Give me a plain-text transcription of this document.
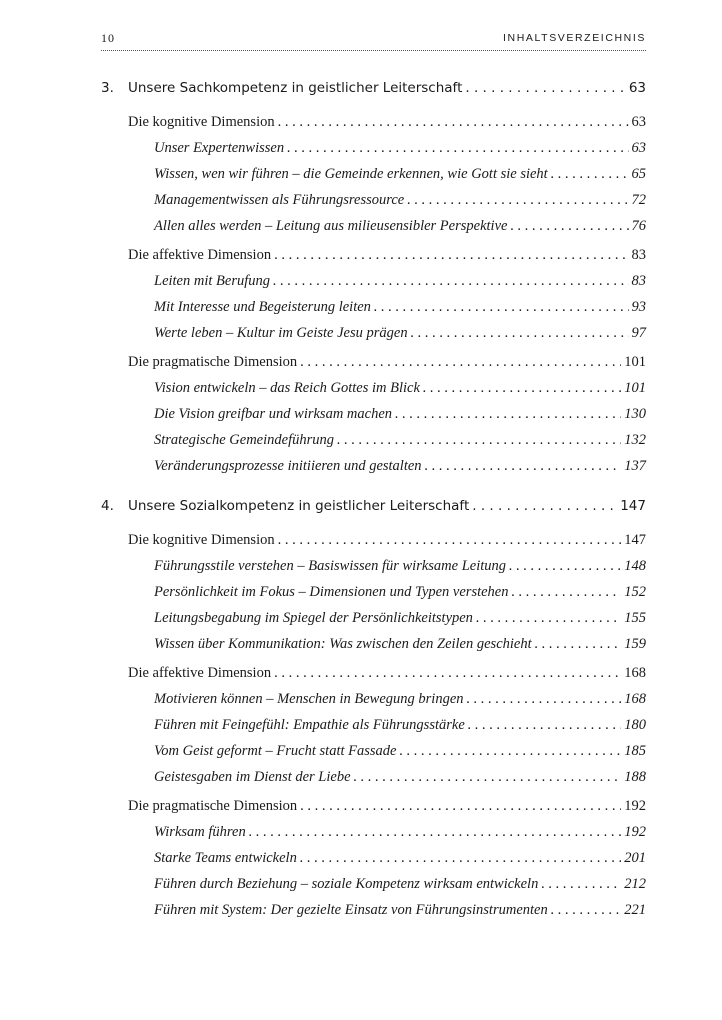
10	INHALTSVERZEICHNIS
3.	Unsere Sachkompetenz in geistlicher Leiterschaft . . .	63
Die kognitive Dimension . . .	63
Unser Expertenwissen . . .	63
Wissen, wen wir führen – die Gemeinde erkennen, wie Gott sie sieht . . .	65
Managementwissen als Führungsressource . . .	72
Allen alles werden – Leitung aus milieusensibler Perspektive . . .	76
Die affektive Dimension . . .	83
Leiten mit Berufung . . .	83
Mit Interesse und Begeisterung leiten . . .	93
Werte leben – Kultur im Geiste Jesu prägen . . .	97
Die pragmatische Dimension . . .	101
Vision entwickeln – das Reich Gottes im Blick . . .	101
Die Vision greifbar und wirksam machen . . .	130
Strategische Gemeindeführung . . .	132
Veränderungsprozesse initiieren und gestalten . . .	137
4.	Unsere Sozialkompetenz in geistlicher Leiterschaft . . .	147
Die kognitive Dimension . . .	147
Führungsstile verstehen – Basiswissen für wirksame Leitung . . .	148
Persönlichkeit im Fokus – Dimensionen und Typen verstehen . . .	152
Leitungsbegabung im Spiegel der Persönlichkeitstypen . . .	155
Wissen über Kommunikation: Was zwischen den Zeilen geschieht . . .	159
Die affektive Dimension . . .	168
Motivieren können – Menschen in Bewegung bringen . . .	168
Führen mit Feingefühl: Empathie als Führungsstärke . . .	180
Vom Geist geformt – Frucht statt Fassade . . .	185
Geistesgaben im Dienst der Liebe . . .	188
Die pragmatische Dimension . . .	192
Wirksam führen . . .	192
Starke Teams entwickeln . . .	201
Führen durch Beziehung – soziale Kompetenz wirksam entwickeln . . .	212
Führen mit System: Der gezielte Einsatz von Führungsinstrumenten . . .	221
